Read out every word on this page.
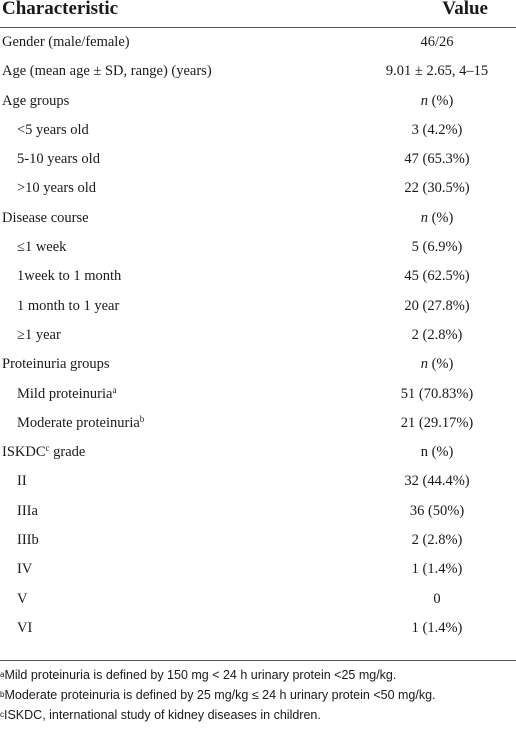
Characteristic	Value
Gender (male/female)	46/26
Age (mean age ± SD, range) (years)	9.01 ± 2.65, 4–15
Age groups	n (%)
<5 years old	3 (4.2%)
5-10 years old	47 (65.3%)
>10 years old	22 (30.5%)
Disease course	n (%)
≤1 week	5 (6.9%)
1week to 1 month	45 (62.5%)
1 month to 1 year	20 (27.8%)
≥1 year	2 (2.8%)
Proteinuria groups	n (%)
Mild proteinuria$^a$	51 (70.83%)
Moderate proteinuria$^b$	21 (29.17%)
ISKDC$^c$ grade	n (%)
II	32 (44.4%)
IIIa	36 (50%)
IIIb	2 (2.8%)
IV	1 (1.4%)
V	0
VI	1 (1.4%)

$^a$Mild proteinuria is defined by 150 mg < 24 h urinary protein <25 mg/kg.

$^b$Moderate proteinuria is defined by 25 mg/kg ≤ 24 h urinary protein <50 mg/kg.

$^c$ISKDC, international study of kidney diseases in children.
